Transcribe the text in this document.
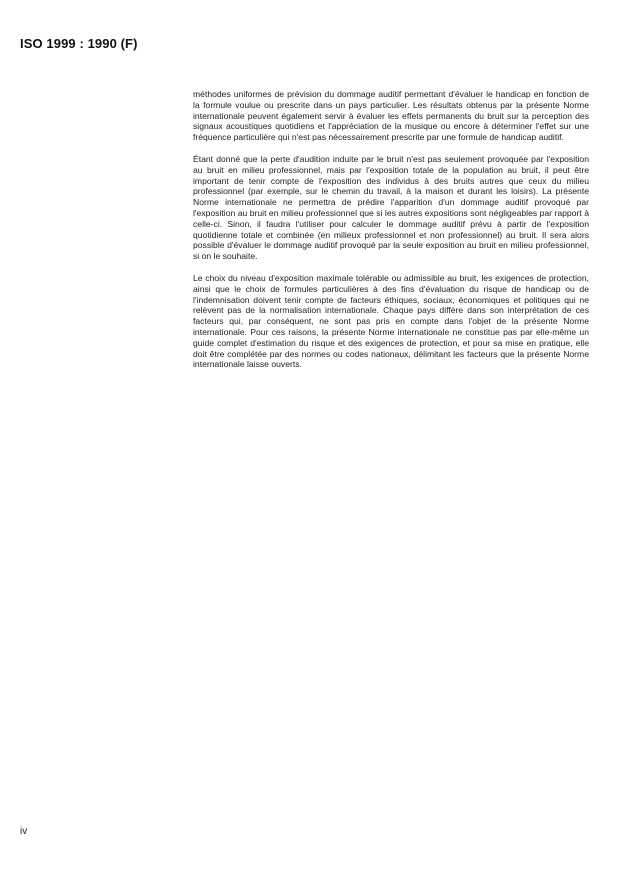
ISO 1999 : 1990 (F)

méthodes uniformes de prévision du dommage auditif permettant d'évaluer le handicap en fonction de la formule voulue ou prescrite dans un pays particulier. Les résultats obtenus par la présente Norme internationale peuvent également servir à évaluer les effets permanents du bruit sur la perception des signaux acoustiques quotidiens et l'appréciation de la musique ou encore à déterminer l'effet sur une fréquence particulière qui n'est pas nécessairement prescrite par une formule de handicap auditif.

Étant donné que la perte d'audition induite par le bruit n'est pas seulement provoquée par l'exposition au bruit en milieu professionnel, mais par l'exposition totale de la population au bruit, il peut être important de tenir compte de l'exposition des individus à des bruits autres que ceux du milieu professionnel (par exemple, sur le chemin du travail, à la maison et durant les loisirs). La présente Norme internationale ne permettra de prédire l'apparition d'un dommage auditif provoqué par l'exposition au bruit en milieu professionnel que si les autres expositions sont négligeables par rapport à celle-ci. Sinon, il faudra l'utiliser pour calculer le dommage auditif prévu à partir de l'exposition quotidienne totale et combinée (en milieux professionnel et non professionnel) au bruit. Il sera alors possible d'évaluer le dommage auditif provoqué par la seule exposition au bruit en milieu professionnel, si on le souhaite.

Le choix du niveau d'exposition maximale tolérable ou admissible au bruit, les exigences de protection, ainsi que le choix de formules particulières à des fins d'évaluation du risque de handicap ou de l'indemnisation doivent tenir compte de facteurs éthiques, sociaux, économiques et politiques qui ne relèvent pas de la normalisation internationale. Chaque pays diffère dans son interprétation de ces facteurs qui, par conséquent, ne sont pas pris en compte dans l'objet de la présente Norme internationale. Pour ces raisons, la présente Norme internationale ne constitue pas par elle-même un guide complet d'estimation du risque et des exigences de protection, et pour sa mise en pratique, elle doit être complétée par des normes ou codes nationaux, délimitant les facteurs que la présente Norme internationale laisse ouverts.

iv
